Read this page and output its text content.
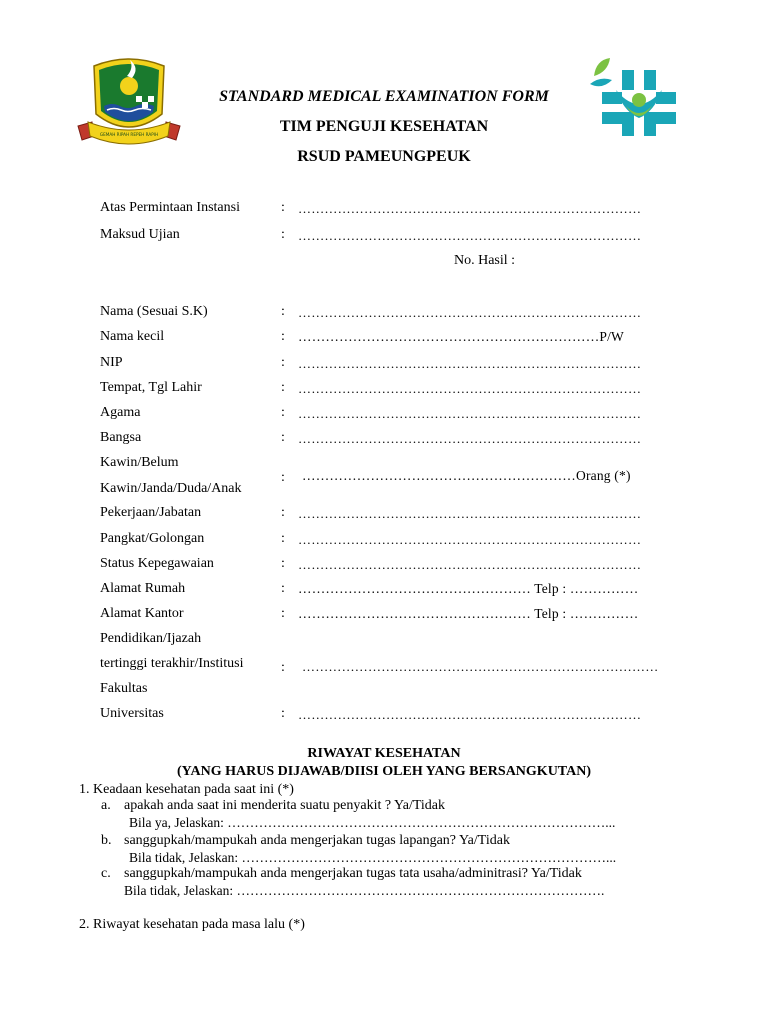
GEMAH RIPAH REPEH RAPIH
STANDARD MEDICAL EXAMINATION FORM
TIM PENGUJI KESEHATAN
RSUD PAMEUNGPEUK
Atas Permintaan Instansi	: ……………………………………………………………………
Maksud Ujian	: ……………………………………………………………………
No. Hasil :
Nama (Sesuai S.K)	: ……………………………………………………………………
Nama kecil	: …………………………………………………………P/W
NIP	: ……………………………………………………………………
Tempat, Tgl Lahir	: ……………………………………………………………………
Agama	: ……………………………………………………………………
Bangsa	: ……………………………………………………………………
Kawin/Belum
Kawin/Janda/Duda/Anak
: ……………………………………………………Orang (*)
Pekerjaan/Jabatan	: ……………………………………………………………………
Pangkat/Golongan	: ……………………………………………………………………
Status Kepegawaian	: ……………………………………………………………………
Alamat Rumah	: …………………………………………… Telp : ……………
Alamat Kantor	: …………………………………………… Telp : ……………
Pendidikan/Ijazah
tertinggi terakhir/Institusi	: ………………………………………………………………………
Fakultas
Universitas	: ……………………………………………………………………
RIWAYAT KESEHATAN
(YANG HARUS DIJAWAB/DIISI OLEH YANG BERSANGKUTAN)
1. Keadaan kesehatan pada saat ini (*)
a. apakah anda saat ini menderita suatu penyakit ? Ya/Tidak
Bila ya, Jelaskan: …………………………………………………………………………...
b. sanggupkah/mampukah anda mengerjakan tugas lapangan? Ya/Tidak
Bila tidak, Jelaskan: ………………………………………………………………………...
c. sanggupkah/mampukah anda mengerjakan tugas tata usaha/adminitrasi? Ya/Tidak
Bila tidak, Jelaskan: ……………………………………………………………………….
2. Riwayat kesehatan pada masa lalu (*)
